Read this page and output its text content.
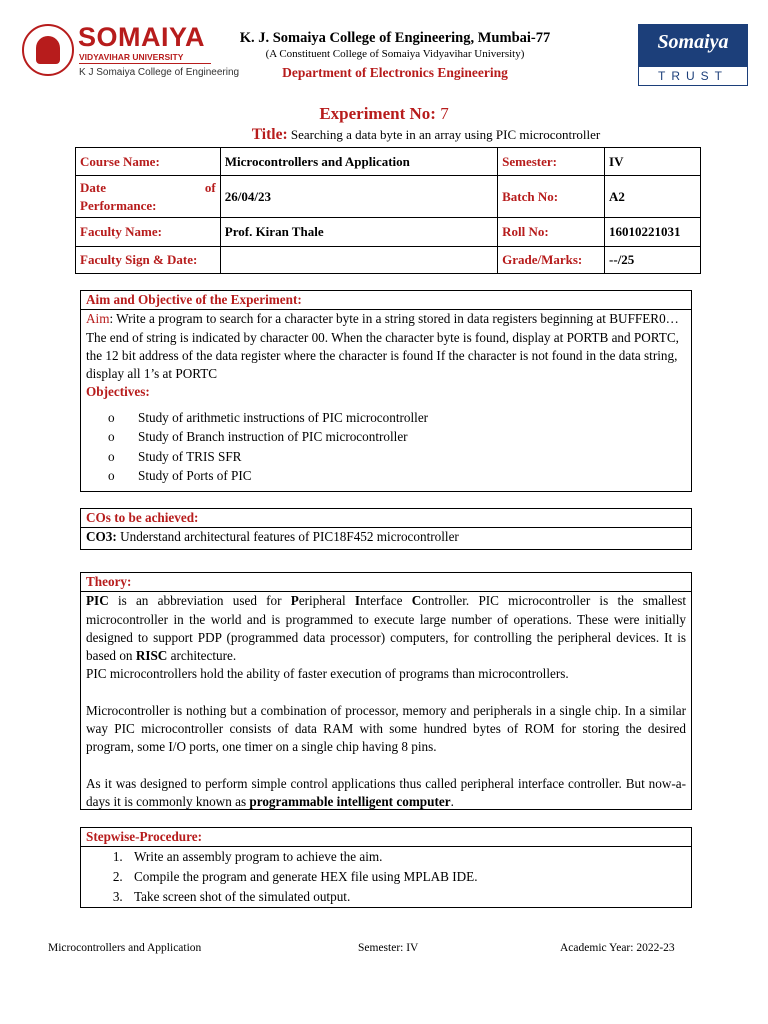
SOMAIYA
VIDYAVIHAR UNIVERSITY
K J Somaiya College of Engineering
K. J. Somaiya College of Engineering, Mumbai-77
(A Constituent College of Somaiya Vidyavihar University)
Department of Electronics Engineering
Somaiya
TRUST
Experiment No: 7
Title: Searching a data byte in an array using PIC microcontroller
Course Name:	Microcontrollers and Application	Semester:	IV

Date of
Performance:	26/04/23	Batch No:	A2
Faculty Name:	Prof. Kiran Thale	Roll No:	16010221031
Faculty Sign & Date:		Grade/Marks:	--/25
Aim and Objective of the Experiment:
Aim: Write a program to search for a character byte in a string stored in data registers beginning at BUFFER0… The end of string is indicated by character 00. When the character byte is found, display at PORTB and PORTC, the 12 bit address of the data register where the character is found If the character is not found in the data string, display all 1’s at PORTC
Objectives:
o Study of arithmetic instructions of PIC microcontroller
o Study of Branch instruction of PIC microcontroller
o Study of TRIS SFR
o Study of Ports of PIC
COs to be achieved:
CO3: Understand architectural features of PIC18F452 microcontroller
Theory:
PIC is an abbreviation used for Peripheral Interface Controller. PIC microcontroller is the smallest microcontroller in the world and is programmed to execute large number of operations. These were initially designed to support PDP (programmed data processor) computers, for controlling the peripheral devices. It is based on RISC architecture.
PIC microcontrollers hold the ability of faster execution of programs than microcontrollers.
Microcontroller is nothing but a combination of processor, memory and peripherals in a single chip. In a similar way PIC microcontroller consists of data RAM with some hundred bytes of ROM for storing the desired program, some I/O ports, one timer on a single chip having 8 pins.
As it was designed to perform simple control applications thus called peripheral interface controller. But now-a-days it is commonly known as programmable intelligent computer.
Stepwise-Procedure:
1. Write an assembly program to achieve the aim.
2. Compile the program and generate HEX file using MPLAB IDE.
3. Take screen shot of the simulated output.
Microcontrollers and Application	Semester: IV	Academic Year: 2022-23
